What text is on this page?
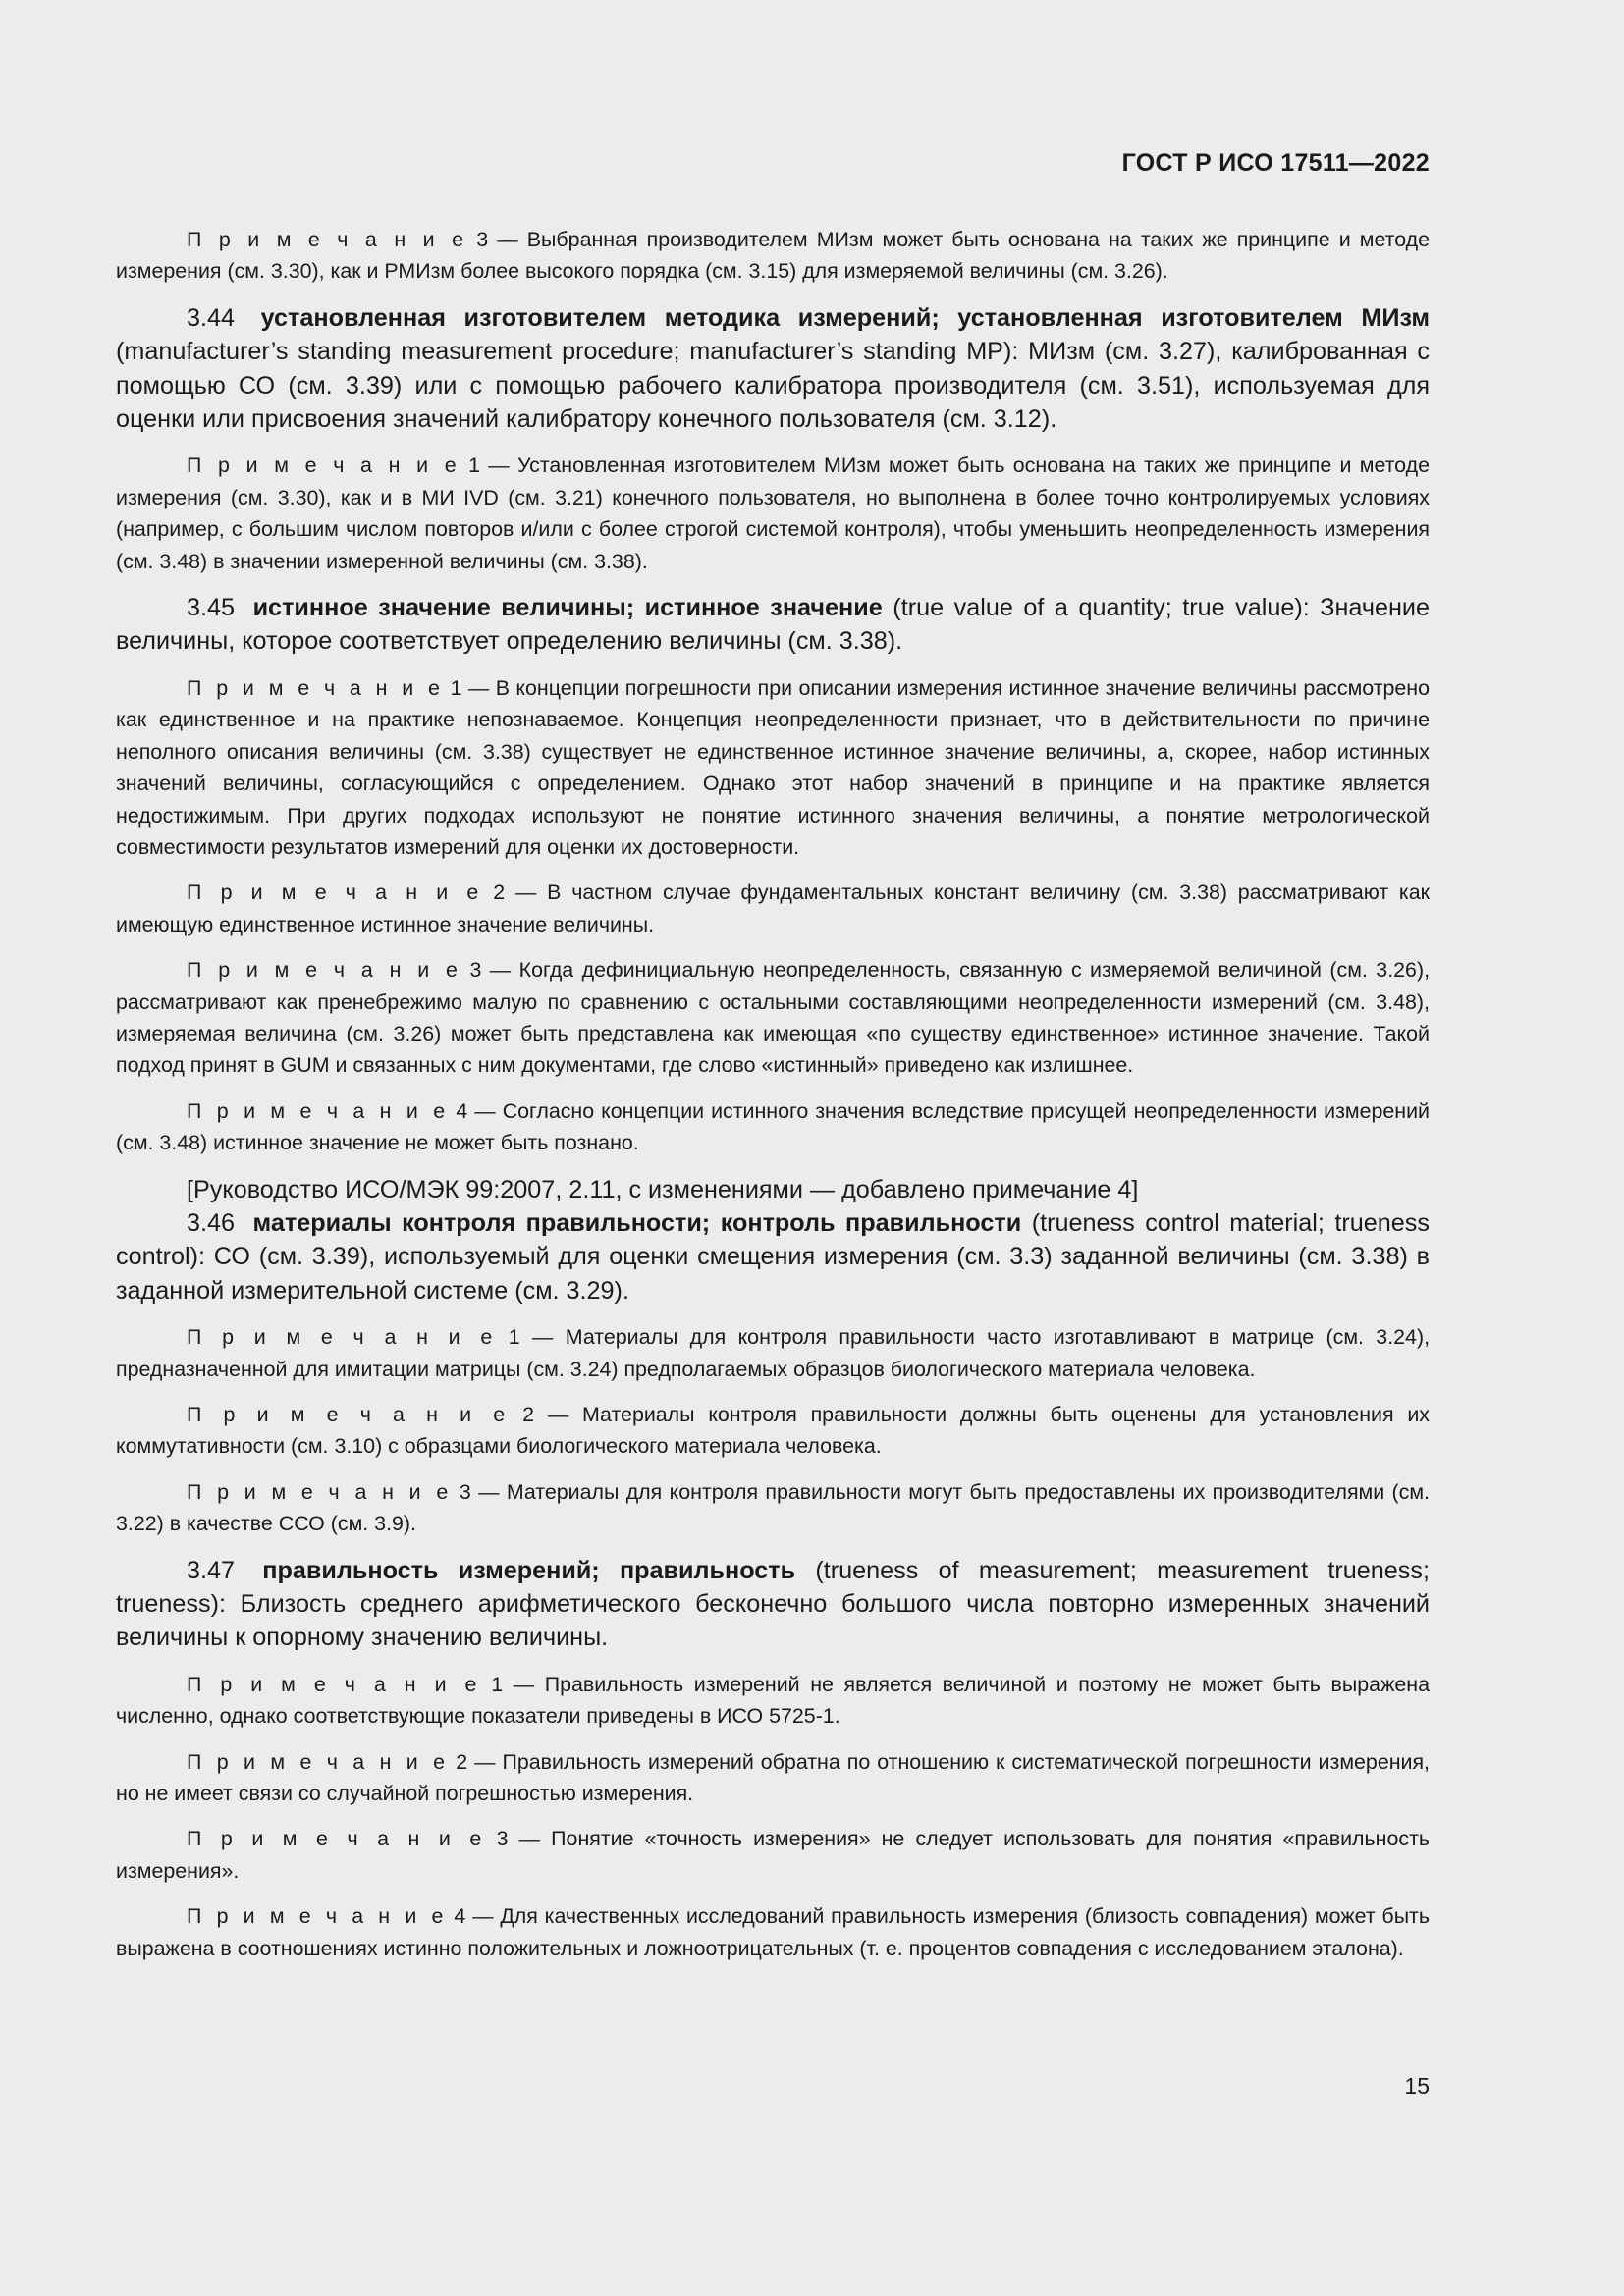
ГОСТ Р ИСО 17511—2022

П р и м е ч а н и е 3 — Выбранная производителем МИзм может быть основана на таких же принципе и методе измерения (см. 3.30), как и РМИзм более высокого порядка (см. 3.15) для измеряемой величины (см. 3.26).

3.44 установленная изготовителем методика измерений; установленная изготовителем МИзм (manufacturer’s standing measurement procedure; manufacturer’s standing MP): МИзм (см. 3.27), калиброванная с помощью СО (см. 3.39) или с помощью рабочего калибратора производителя (см. 3.51), используемая для оценки или присвоения значений калибратору конечного пользователя (см. 3.12).

П р и м е ч а н и е 1 — Установленная изготовителем МИзм может быть основана на таких же принципе и методе измерения (см. 3.30), как и в МИ IVD (см. 3.21) конечного пользователя, но выполнена в более точно контролируемых условиях (например, с большим числом повторов и/или с более строгой системой контроля), чтобы уменьшить неопределенность измерения (см. 3.48) в значении измеренной величины (см. 3.38).

3.45 истинное значение величины; истинное значение (true value of a quantity; true value): Значение величины, которое соответствует определению величины (см. 3.38).

П р и м е ч а н и е 1 — В концепции погрешности при описании измерения истинное значение величины рассмотрено как единственное и на практике непознаваемое. Концепция неопределенности признает, что в действительности по причине неполного описания величины (см. 3.38) существует не единственное истинное значение величины, а, скорее, набор истинных значений величины, согласующийся с определением. Однако этот набор значений в принципе и на практике является недостижимым. При других подходах используют не понятие истинного значения величины, а понятие метрологической совместимости результатов измерений для оценки их достоверности.

П р и м е ч а н и е 2 — В частном случае фундаментальных констант величину (см. 3.38) рассматривают как имеющую единственное истинное значение величины.

П р и м е ч а н и е 3 — Когда дефинициальную неопределенность, связанную с измеряемой величиной (см. 3.26), рассматривают как пренебрежимо малую по сравнению с остальными составляющими неопределенности измерений (см. 3.48), измеряемая величина (см. 3.26) может быть представлена как имеющая «по существу единственное» истинное значение. Такой подход принят в GUM и связанных с ним документами, где слово «истинный» приведено как излишнее.

П р и м е ч а н и е 4 — Согласно концепции истинного значения вследствие присущей неопределенности измерений (см. 3.48) истинное значение не может быть познано.

[Руководство ИСО/МЭК 99:2007, 2.11, с изменениями — добавлено примечание 4]

3.46 материалы контроля правильности; контроль правильности (trueness control material; trueness control): СО (см. 3.39), используемый для оценки смещения измерения (см. 3.3) заданной величины (см. 3.38) в заданной измерительной системе (см. 3.29).

П р и м е ч а н и е 1 — Материалы для контроля правильности часто изготавливают в матрице (см. 3.24), предназначенной для имитации матрицы (см. 3.24) предполагаемых образцов биологического материала человека.

П р и м е ч а н и е 2 — Материалы контроля правильности должны быть оценены для установления их коммутативности (см. 3.10) с образцами биологического материала человека.

П р и м е ч а н и е 3 — Материалы для контроля правильности могут быть предоставлены их производителями (см. 3.22) в качестве ССО (см. 3.9).

3.47 правильность измерений; правильность (trueness of measurement; measurement trueness; trueness): Близость среднего арифметического бесконечно большого числа повторно измеренных значений величины к опорному значению величины.

П р и м е ч а н и е 1 — Правильность измерений не является величиной и поэтому не может быть выражена численно, однако соответствующие показатели приведены в ИСО 5725-1.

П р и м е ч а н и е 2 — Правильность измерений обратна по отношению к систематической погрешности измерения, но не имеет связи со случайной погрешностью измерения.

П р и м е ч а н и е 3 — Понятие «точность измерения» не следует использовать для понятия «правильность измерения».

П р и м е ч а н и е 4 — Для качественных исследований правильность измерения (близость совпадения) может быть выражена в соотношениях истинно положительных и ложноотрицательных (т. е. процентов совпадения с исследованием эталона).

15
